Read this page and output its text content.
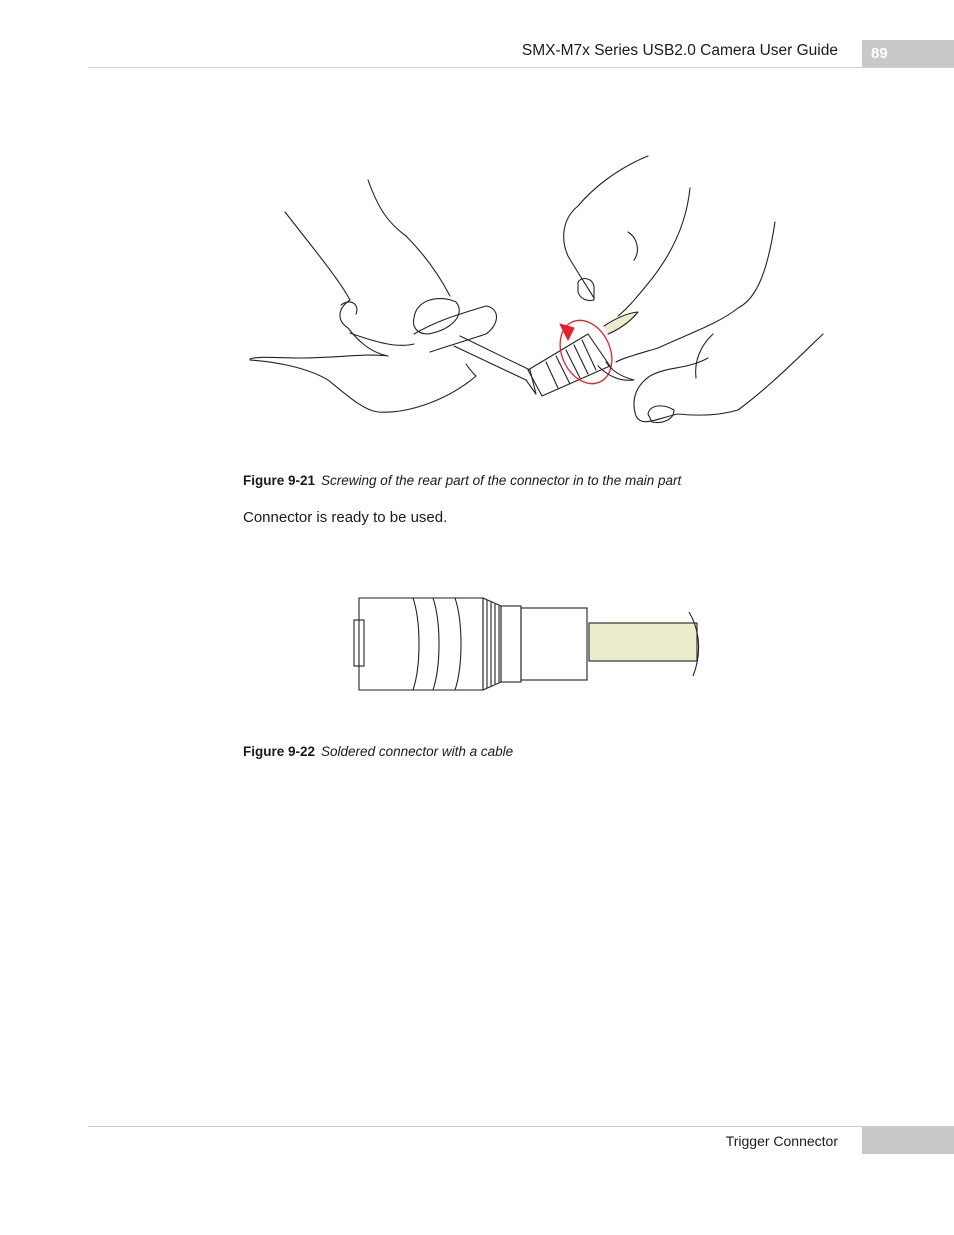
SMX-M7x Series USB2.0 Camera User Guide	89
Figure 9-21 Screwing of the rear part of the connector in to the main part
Connector is ready to be used.
Figure 9-22 Soldered connector with a cable
Trigger Connector
